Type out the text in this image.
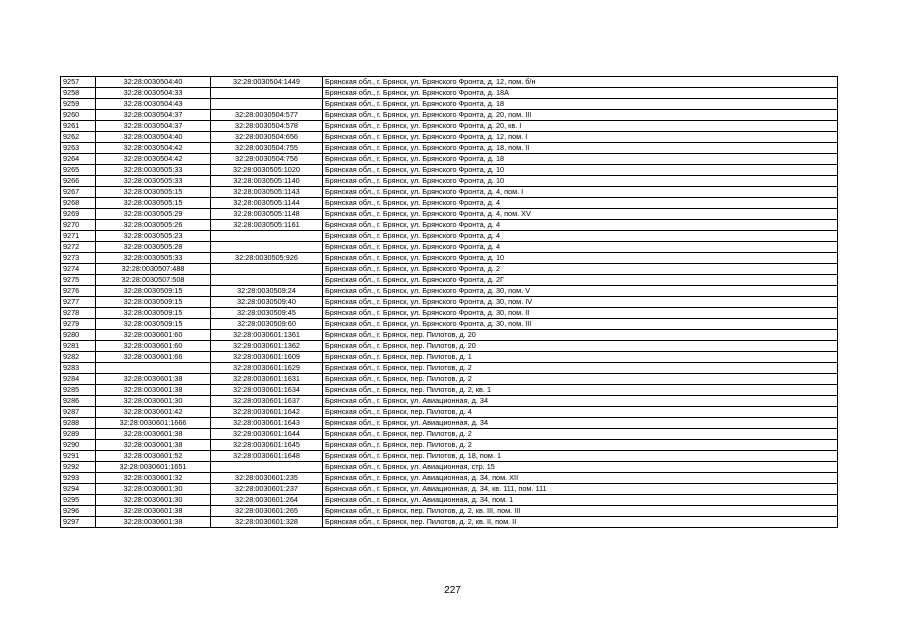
9257	32:28:0030504:40	32:28:0030504:1449	Брянская обл., г. Брянск, ул. Брянского Фронта, д. 12, пом. б/н
9258	32:28:0030504:33		Брянская обл., г. Брянск, ул. Брянского Фронта, д. 18А
9259	32:28:0030504:43		Брянская обл., г. Брянск, ул. Брянского Фронта, д. 18
9260	32:28:0030504:37	32:28:0030504:577	Брянская обл., г. Брянск, ул. Брянского Фронта, д. 20, пом. III
9261	32:28:0030504:37	32:28:0030504:578	Брянская обл., г. Брянск, ул. Брянского Фронта, д. 20, кв. I
9262	32:28:0030504:40	32:28:0030504:656	Брянская обл., г. Брянск, ул. Брянского Фронта, д. 12, пом. I
9263	32:28:0030504:42	32:28:0030504:755	Брянская обл., г. Брянск, ул. Брянского Фронта, д. 18, пом. II
9264	32:28:0030504:42	32:28:0030504:756	Брянская обл., г. Брянск, ул. Брянского Фронта, д. 18
9265	32:28:0030505:33	32:28:0030505:1020	Брянская обл., г. Брянск, ул. Брянского Фронта, д. 10
9266	32:28:0030505:33	32:28:0030505:1140	Брянская обл., г. Брянск, ул. Брянского Фронта, д. 10
9267	32:28:0030505:15	32:28:0030505:1143	Брянская обл., г. Брянск, ул. Брянского Фронта, д. 4, пом. I
9268	32:28:0030505:15	32:28:0030505:1144	Брянская обл., г. Брянск, ул. Брянского Фронта, д. 4
9269	32:28:0030505:29	32:28:0030505:1148	Брянская обл., г. Брянск, ул. Брянского Фронта, д. 4, пом. XV
9270	32:28:0030505:26	32:28:0030505:1161	Брянская обл., г. Брянск, ул. Брянского Фронта, д. 4
9271	32:28:0030505:23		Брянская обл., г. Брянск, ул. Брянского Фронта, д. 4
9272	32:28:0030505:28		Брянская обл., г. Брянск, ул. Брянского Фронта, д. 4
9273	32:28:0030505:33	32:28:0030505:926	Брянская обл., г. Брянск, ул. Брянского Фронта, д. 10
9274	32:28:0030507:488		Брянская обл., г. Брянск, ул. Брянского Фронта, д. 2
9275	32:28:0030507:508		Брянская обл., г. Брянск, ул. Брянского Фронта, д. 2Г
9276	32:28:0030509:15	32:28:0030509:24	Брянская обл., г. Брянск, ул. Брянского Фронта, д. 30, пом. V
9277	32:28:0030509:15	32:28:0030509:40	Брянская обл., г. Брянск, ул. Брянского Фронта, д. 30, пом. IV
9278	32:28:0030509:15	32:28:0030509:45	Брянская обл., г. Брянск, ул. Брянского Фронта, д. 30, пом. II
9279	32:28:0030509:15	32:28:0030509:60	Брянская обл., г. Брянск, ул. Брянского Фронта, д. 30, пом. III
9280	32:28:0030601:60	32:28:0030601:1361	Брянская обл., г. Брянск, пер. Пилотов, д. 20
9281	32:28:0030601:60	32:28:0030601:1362	Брянская обл., г. Брянск, пер. Пилотов, д. 20
9282	32:28:0030601:66	32:28:0030601:1609	Брянская обл., г. Брянск, пер. Пилотов, д. 1
9283		32:28:0030601:1629	Брянская обл., г. Брянск, пер. Пилотов, д. 2
9284	32:28:0030601:38	32:28:0030601:1631	Брянская обл., г. Брянск, пер. Пилотов, д. 2
9285	32:28:0030601:38	32:28:0030601:1634	Брянская обл., г. Брянск, пер. Пилотов, д. 2, кв. 1
9286	32:28:0030601:30	32:28:0030601:1637	Брянская обл., г. Брянск, ул. Авиационная, д. 34
9287	32:28:0030601:42	32:28:0030601:1642	Брянская обл., г. Брянск, пер. Пилотов, д. 4
9288	32:28:0030601:1666	32:28:0030601:1643	Брянская обл., г. Брянск, ул. Авиационная, д. 34
9289	32:28:0030601:38	32:28:0030601:1644	Брянская обл., г. Брянск, пер. Пилотов, д. 2
9290	32:28:0030601:38	32:28:0030601:1645	Брянская обл., г. Брянск, пер. Пилотов, д. 2
9291	32:28:0030601:52	32:28:0030601:1648	Брянская обл., г. Брянск, пер. Пилотов, д. 18, пом. 1
9292	32:28:0030601:1651		Брянская обл., г. Брянск, ул. Авиационная, стр. 15
9293	32:28:0030601:32	32:28:0030601:235	Брянская обл., г. Брянск, ул. Авиационная, д. 34, пом. XII
9294	32:28:0030601:30	32:28:0030601:237	Брянская обл., г. Брянск, ул. Авиационная, д. 34, кв. 111, пом. 111
9295	32:28:0030601:30	32:28:0030601:264	Брянская обл., г. Брянск, ул. Авиационная, д. 34, пом. 1
9296	32:28:0030601:38	32:28:0030601:265	Брянская обл., г. Брянск, пер. Пилотов, д. 2, кв. III, пом. III
9297	32:28:0030601:38	32:28:0030601:328	Брянская обл., г. Брянск, пер. Пилотов, д. 2, кв. II, пом. II
227
